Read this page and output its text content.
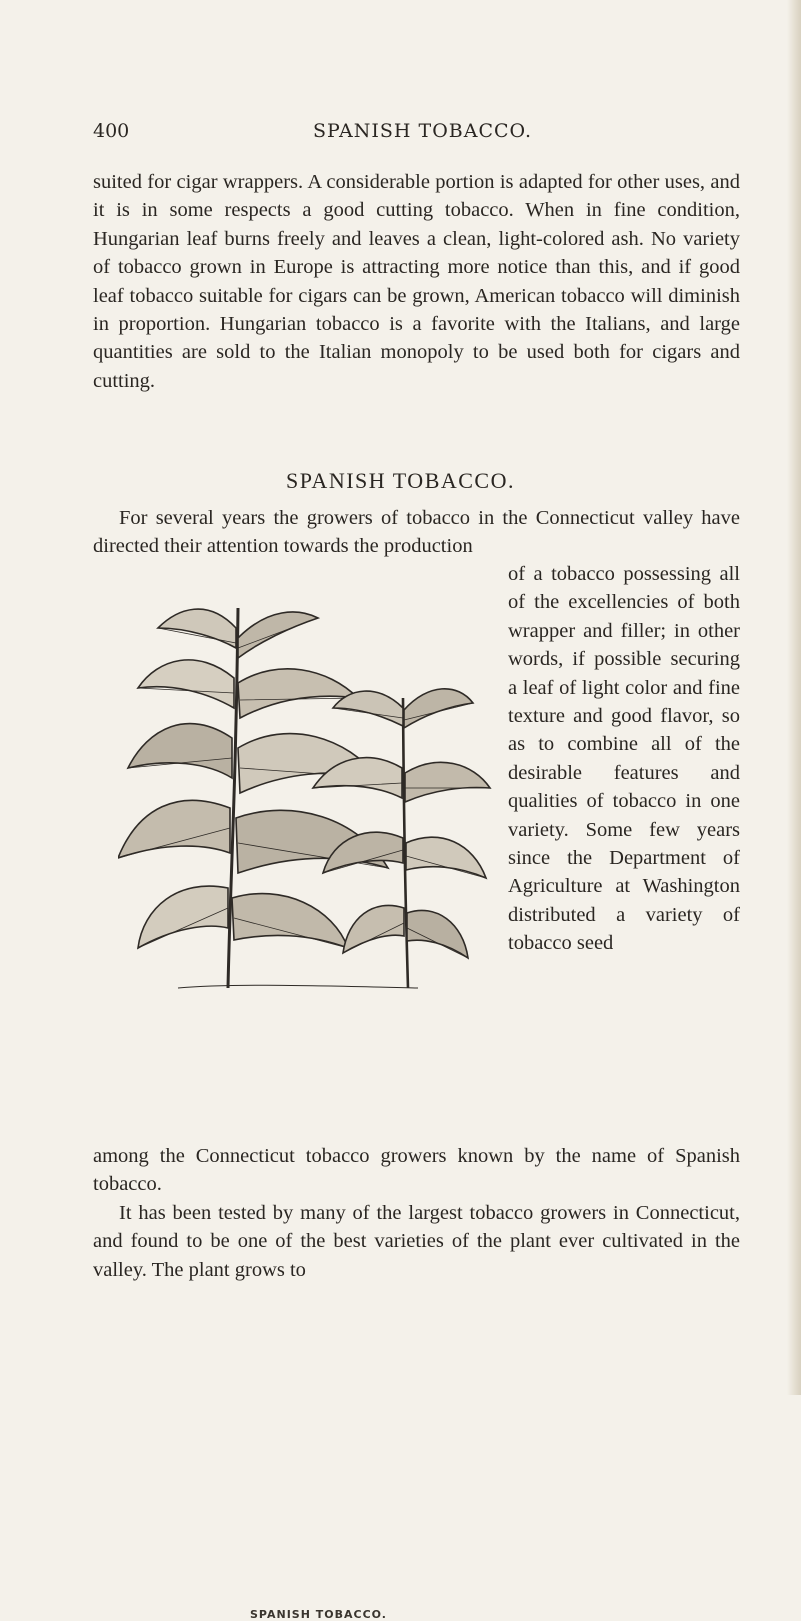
400	SPANISH TOBACCO.
suited for cigar wrappers. A considerable portion is adapted for other uses, and it is in some respects a good cutting tobacco. When in fine condition, Hungarian leaf burns freely and leaves a clean, light-colored ash. No variety of tobacco grown in Europe is attracting more notice than this, and if good leaf tobacco suitable for cigars can be grown, American tobacco will diminish in proportion. Hungarian tobacco is a favorite with the Italians, and large quantities are sold to the Italian monopoly to be used both for cigars and cutting.
SPANISH TOBACCO.
For several years the growers of tobacco in the Connecticut valley have directed their attention towards the production
of a tobacco possessing all of the excellencies of both wrapper and filler; in other words, if possible securing a leaf of light color and fine texture and good flavor, so as to combine all of the desirable features and qualities of tobacco in one variety. Some few years since the Department of Agriculture at Washington distributed a variety of tobacco seed
SPANISH TOBACCO.
among the Connecticut tobacco growers known by the name of Spanish tobacco.
It has been tested by many of the largest tobacco growers in Connecticut, and found to be one of the best varieties of the plant ever cultivated in the valley. The plant grows to
